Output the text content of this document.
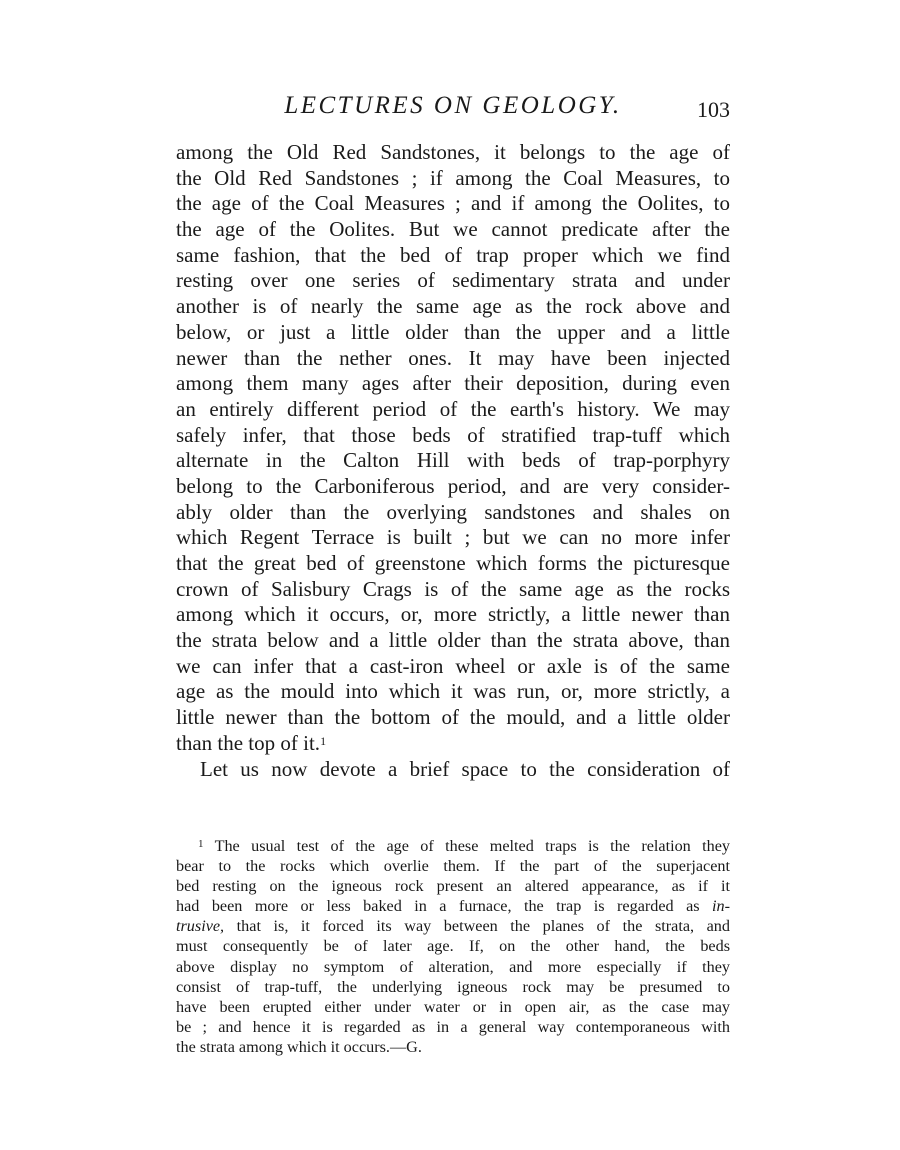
LECTURES ON GEOLOGY.	103
among the Old Red Sandstones, it belongs to the age of
the Old Red Sandstones ; if among the Coal Measures, to
the age of the Coal Measures ; and if among the Oolites, to
the age of the Oolites. But we cannot predicate after the
same fashion, that the bed of trap proper which we find
resting over one series of sedimentary strata and under
another is of nearly the same age as the rock above and
below, or just a little older than the upper and a little
newer than the nether ones. It may have been injected
among them many ages after their deposition, during even
an entirely different period of the earth's history. We may
safely infer, that those beds of stratified trap-tuff which
alternate in the Calton Hill with beds of trap-porphyry
belong to the Carboniferous period, and are very consider-
ably older than the overlying sandstones and shales on
which Regent Terrace is built ; but we can no more infer
that the great bed of greenstone which forms the picturesque
crown of Salisbury Crags is of the same age as the rocks
among which it occurs, or, more strictly, a little newer than
the strata below and a little older than the strata above, than
we can infer that a cast-iron wheel or axle is of the same
age as the mould into which it was run, or, more strictly, a
little newer than the bottom of the mould, and a little older
than the top of it.$^1$
Let us now devote a brief space to the consideration of
$^1$ The usual test of the age of these melted traps is the relation they
bear to the rocks which overlie them. If the part of the superjacent
bed resting on the igneous rock present an altered appearance, as if it
had been more or less baked in a furnace, the trap is regarded as in-
trusive, that is, it forced its way between the planes of the strata, and
must consequently be of later age. If, on the other hand, the beds
above display no symptom of alteration, and more especially if they
consist of trap-tuff, the underlying igneous rock may be presumed to
have been erupted either under water or in open air, as the case may
be ; and hence it is regarded as in a general way contemporaneous with
the strata among which it occurs.—G.
